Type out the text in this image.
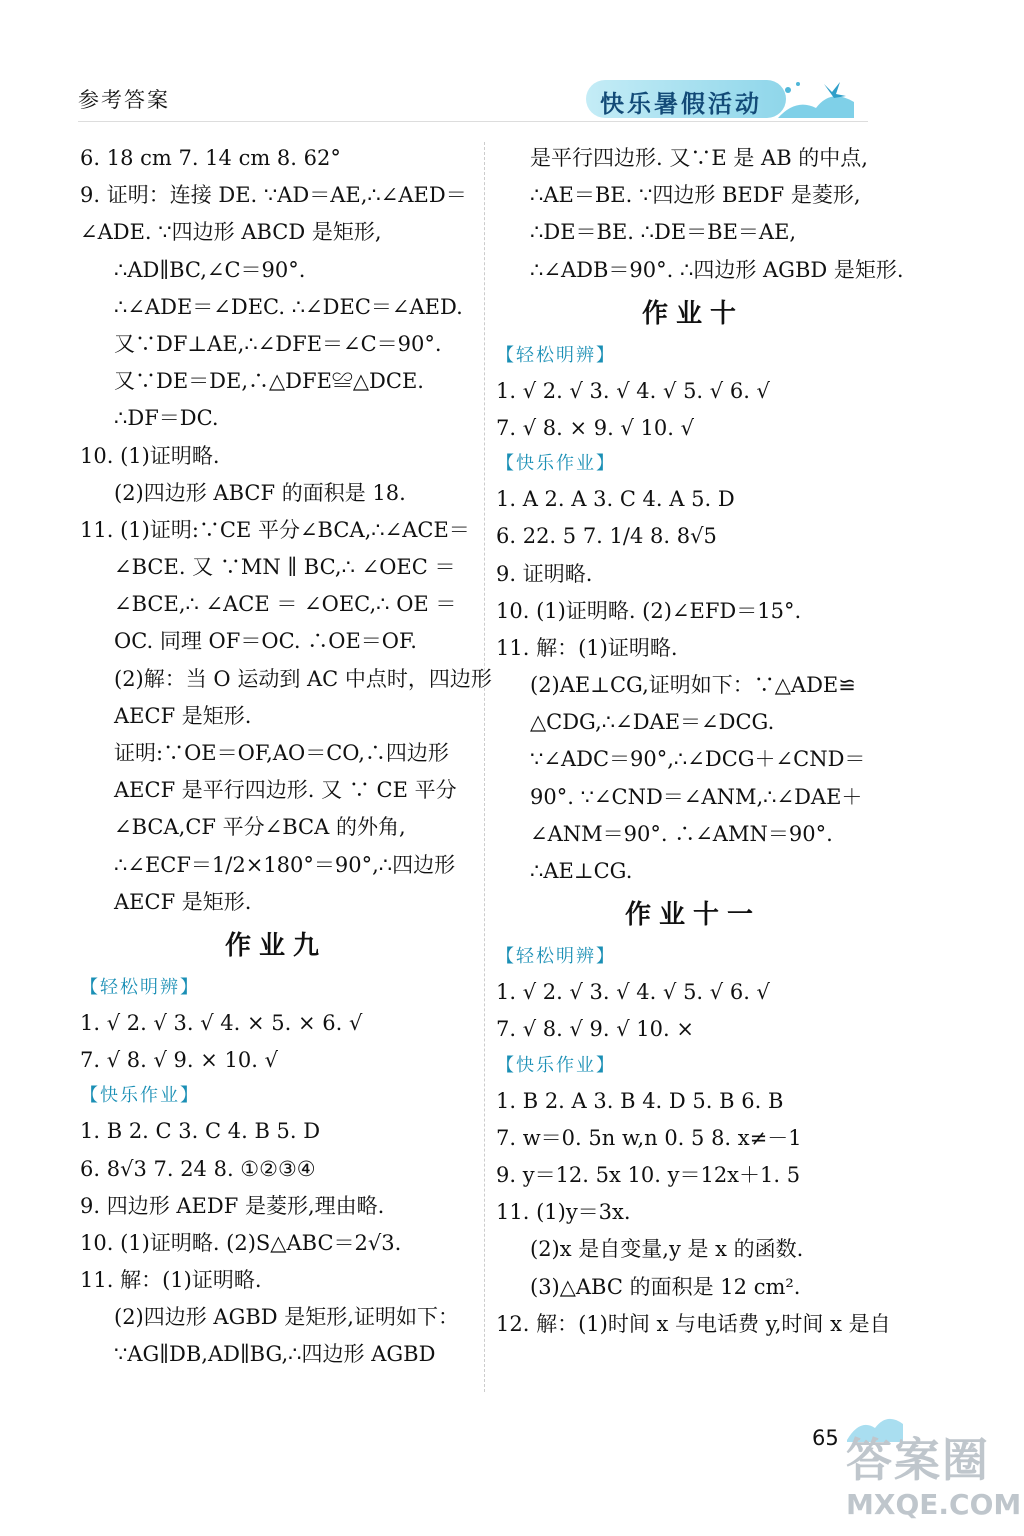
参考答案	快乐暑假活动
6. 18 cm 7. 14 cm 8. 62°
9. 证明：连接 DE. ∵AD＝AE,∴∠AED＝
∠ADE. ∵四边形 ABCD 是矩形,
∴AD∥BC,∠C＝90°.
∴∠ADE＝∠DEC. ∴∠DEC＝∠AED.
又∵DF⊥AE,∴∠DFE＝∠C＝90°.
又∵DE＝DE,∴△DFE≌△DCE.
∴DF＝DC.
10. (1)证明略.
(2)四边形 ABCF 的面积是 18.
11. (1)证明:∵CE 平分∠BCA,∴∠ACE＝
∠BCE. 又 ∵MN ∥ BC,∴ ∠OEC ＝
∠BCE,∴ ∠ACE ＝ ∠OEC,∴ OE ＝
OC. 同理 OF＝OC. ∴OE＝OF.
(2)解：当 O 运动到 AC 中点时，四边形
AECF 是矩形.
证明:∵OE＝OF,AO＝CO,∴四边形
AECF 是平行四边形. 又 ∵ CE 平分
∠BCA,CF 平分∠BCA 的外角,
∴∠ECF＝1/2×180°＝90°,∴四边形
AECF 是矩形.
作业九
【轻松明辨】
1. √ 2. √ 3. √ 4. × 5. × 6. √
7. √ 8. √ 9. × 10. √
【快乐作业】
1. B 2. C 3. C 4. B 5. D
6. 8√3 7. 24 8. ①②③④
9. 四边形 AEDF 是菱形,理由略.
10. (1)证明略. (2)S△ABC＝2√3.
11. 解：(1)证明略.
(2)四边形 AGBD 是矩形,证明如下：
∵AG∥DB,AD∥BG,∴四边形 AGBD
是平行四边形. 又∵E 是 AB 的中点,
∴AE＝BE. ∵四边形 BEDF 是菱形,
∴DE＝BE. ∴DE＝BE＝AE,
∴∠ADB＝90°. ∴四边形 AGBD 是矩形.
作业十
【轻松明辨】
1. √ 2. √ 3. √ 4. √ 5. √ 6. √
7. √ 8. × 9. √ 10. √
【快乐作业】
1. A 2. A 3. C 4. A 5. D
6. 22. 5 7. 1/4 8. 8√5
9. 证明略.
10. (1)证明略. (2)∠EFD＝15°.
11. 解：(1)证明略.
(2)AE⊥CG,证明如下：∵△ADE≌
△CDG,∴∠DAE＝∠DCG.
∵∠ADC＝90°,∴∠DCG＋∠CND＝
90°. ∵∠CND＝∠ANM,∴∠DAE＋
∠ANM＝90°. ∴∠AMN＝90°.
∴AE⊥CG.
作业十一
【轻松明辨】
1. √ 2. √ 3. √ 4. √ 5. √ 6. √
7. √ 8. √ 9. √ 10. ×
【快乐作业】
1. B 2. A 3. B 4. D 5. B 6. B
7. w＝0. 5n w,n 0. 5 8. x≠－1
9. y＝12. 5x 10. y＝12x＋1. 5
11. (1)y＝3x.
(2)x 是自变量,y 是 x 的函数.
(3)△ABC 的面积是 12 cm².
12. 解：(1)时间 x 与电话费 y,时间 x 是自
65 答案圈
MXQE.COM
